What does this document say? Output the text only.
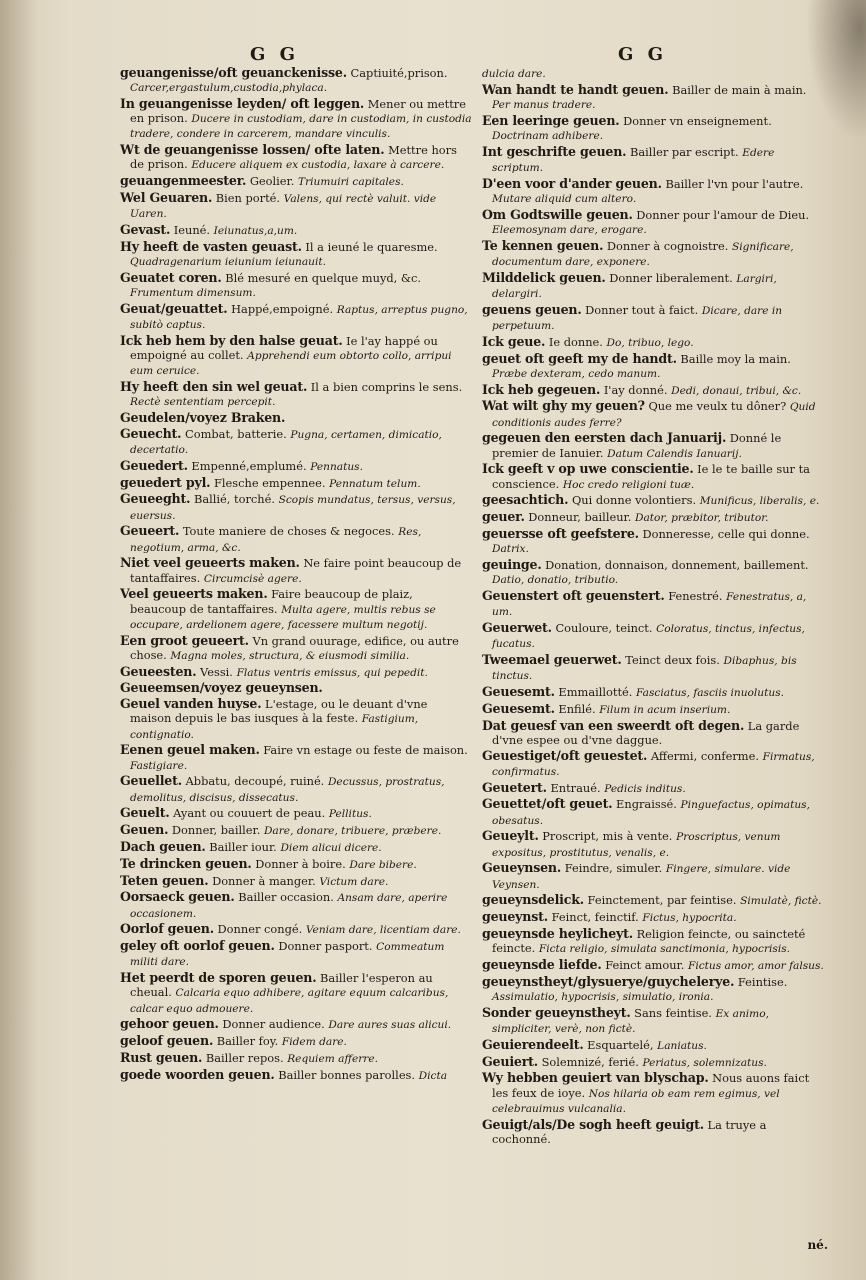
G G	G G
geuangenisse/oft geuanckenisse. Captiuité,prison. Carcer,ergastulum,custodia,phylaca.
In geuangenisse leyden/ oft leggen. Mener ou mettre en prison. Ducere in custodiam, dare in custodiam, in custodia tradere, condere in carcerem, mandare vinculis.
Wt de geuangenisse lossen/ ofte laten. Mettre hors de prison. Educere aliquem ex custodia, laxare à carcere.
geuangenmeester. Geolier. Triumuiri capitales.
Wel Geuaren. Bien porté. Valens, qui rectè valuit. vide Uaren.
Gevast. Ieuné. Ieiunatus,a,um.
Hy heeft de vasten geuast. Il a ieuné le quaresme. Quadragenarium ieiunium ieiunauit.
Geuatet coren. Blé mesuré en quelque muyd, &c. Frumentum dimensum.
Geuat/geuattet. Happé,empoigné. Raptus, arreptus pugno, subitò captus.
Ick heb hem by den halse geuat. Ie l'ay happé ou empoigné au collet. Apprehendi eum obtorto collo, arripui eum ceruice.
Hy heeft den sin wel geuat. Il a bien comprins le sens. Rectè sententiam percepit.
Geudelen/voyez Braken.
Geuecht. Combat, batterie. Pugna, certamen, dimicatio, decertatio.
Geuedert. Empenné,emplumé. Pennatus.
geuedert pyl. Flesche empennee. Pennatum telum.
Geueeght. Ballié, torché. Scopis mundatus, tersus, versus, euersus.
Geueert. Toute maniere de choses & negoces. Res, negotium, arma, &c.
Niet veel geueerts maken. Ne faire point beaucoup de tantaffaires. Circumcisè agere.
Veel geueerts maken. Faire beaucoup de plaiz, beaucoup de tantaffaires. Multa agere, multis rebus se occupare, ardelionem agere, facessere multum negotij.
Een groot geueert. Vn grand ouurage, edifice, ou autre chose. Magna moles, structura, & eiusmodi similia.
Geueesten. Vessi. Flatus ventris emissus, qui pepedit.
Geueemsen/voyez geueynsen.
Geuel vanden huyse. L'estage, ou le deuant d'vne maison depuis le bas iusques à la feste. Fastigium, contignatio.
Eenen geuel maken. Faire vn estage ou feste de maison. Fastigiare.
Geuellet. Abbatu, decoupé, ruiné. Decussus, prostratus, demolitus, discisus, dissecatus.
Geuelt. Ayant ou couuert de peau. Pellitus.
Geuen. Donner, bailler. Dare, donare, tribuere, præbere.
Dach geuen. Bailler iour. Diem alicui dicere.
Te drincken geuen. Donner à boire. Dare bibere.
Teten geuen. Donner à manger. Victum dare.
Oorsaeck geuen. Bailler occasion. Ansam dare, aperire occasionem.
Oorlof geuen. Donner congé. Veniam dare, licentiam dare.
geley oft oorlof geuen. Donner pasport. Commeatum militi dare.
Het peerdt de sporen geuen. Bailler l'esperon au cheual. Calcaria equo adhibere, agitare equum calcaribus, calcar equo admouere.
gehoor geuen. Donner audience. Dare aures suas alicui.
geloof geuen. Bailler foy. Fidem dare.
Rust geuen. Bailler repos. Requiem afferre.
goede woorden geuen. Bailler bonnes parolles. Dicta
dulcia dare.
Wan handt te handt geuen. Bailler de main à main. Per manus tradere.
Een leeringe geuen. Donner vn enseignement. Doctrinam adhibere.
Int geschrifte geuen. Bailler par escript. Edere scriptum.
D'een voor d'ander geuen. Bailler l'vn pour l'autre. Mutare aliquid cum altero.
Om Godtswille geuen. Donner pour l'amour de Dieu. Eleemosynam dare, erogare.
Te kennen geuen. Donner à cognoistre. Significare, documentum dare, exponere.
Milddelick geuen. Donner liberalement. Largiri, delargiri.
geuens geuen. Donner tout à faict. Dicare, dare in perpetuum.
Ick geue. Ie donne. Do, tribuo, lego.
geuet oft geeft my de handt. Baille moy la main. Præbe dexteram, cedo manum.
Ick heb gegeuen. I'ay donné. Dedi, donaui, tribui, &c.
Wat wilt ghy my geuen? Que me veulx tu dôner? Quid conditionis audes ferre?
gegeuen den eersten dach Januarij. Donné le premier de Ianuier. Datum Calendis Ianuarij.
Ick geeft v op uwe conscientie. Ie le te baille sur ta conscience. Hoc credo religioni tuæ.
geesachtich. Qui donne volontiers. Munificus, liberalis, e.
geuer. Donneur, bailleur. Dator, præbitor, tributor.
geuersse oft geefstere. Donneresse, celle qui donne. Datrix.
geuinge. Donation, donnaison, donnement, baillement. Datio, donatio, tributio.
Geuenstert oft geuenstert. Fenestré. Fenestratus, a, um.
Geuerwet. Couloure, teinct. Coloratus, tinctus, infectus, fucatus.
Tweemael geuerwet. Teinct deux fois. Dibaphus, bis tinctus.
Geuesemt. Emmaillotté. Fasciatus, fasciis inuolutus.
Geuesemt. Enfilé. Filum in acum inserium.
Dat geuesf van een sweerdt oft degen. La garde d'vne espee ou d'vne daggue.
Geuestiget/oft geuestet. Affermi, conferme. Firmatus, confirmatus.
Geuetert. Entraué. Pedicis inditus.
Geuettet/oft geuet. Engraissé. Pinguefactus, opimatus, obesatus.
Geueylt. Proscript, mis à vente. Proscriptus, venum expositus, prostitutus, venalis, e.
Geueynsen. Feindre, simuler. Fingere, simulare. vide Veynsen.
geueynsdelick. Feinctement, par feintise. Simulatè, fictè.
geueynst. Feinct, feinctif. Fictus, hypocrita.
geueynsde heylicheyt. Religion feincte, ou saincteté feincte. Ficta religio, simulata sanctimonia, hypocrisis.
geueynsde liefde. Feinct amour. Fictus amor, amor falsus.
geueynstheyt/glysuerye/guychelerye. Feintise. Assimulatio, hypocrisis, simulatio, ironia.
Sonder geueynstheyt. Sans feintise. Ex animo, simpliciter, verè, non fictè.
Geuierendeelt. Esquartelé, Laniatus.
Geuiert. Solemnizé, ferié. Periatus, solemnizatus.
Wy hebben geuiert van blyschap. Nous auons faict les feux de ioye. Nos hilaria ob eam rem egimus, vel celebrauimus vulcanalia.
Geuigt/als/De sogh heeft geuigt. La truye a cochonné.
né.
